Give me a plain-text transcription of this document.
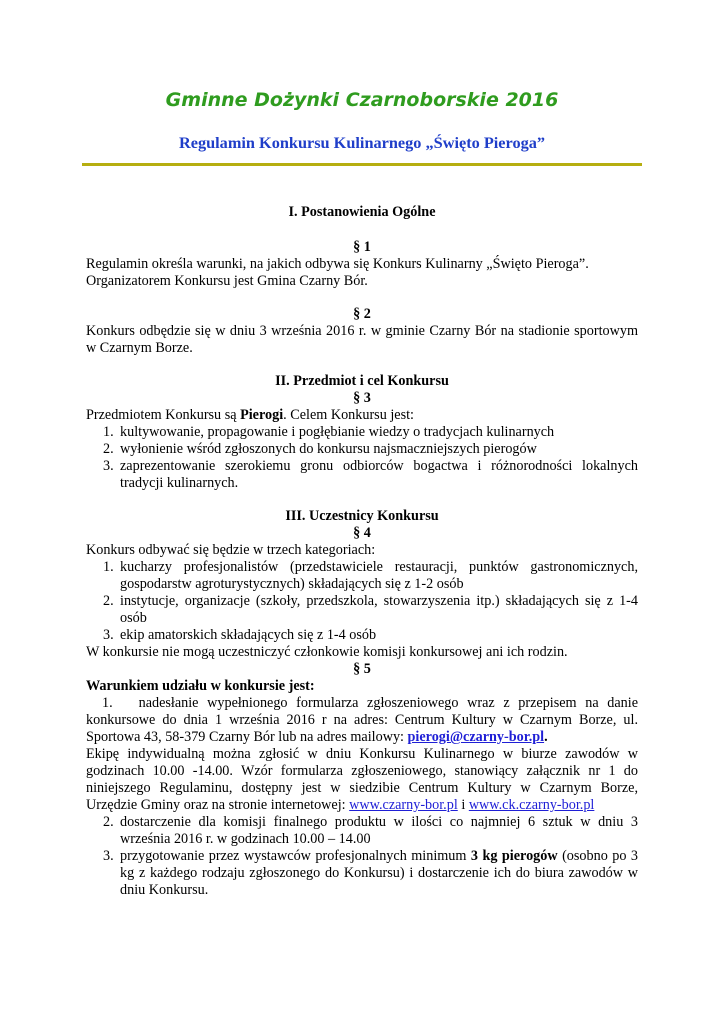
Gminne Dożynki Czarnoborskie 2016
Regulamin Konkursu Kulinarnego „Święto Pieroga”
I. Postanowienia Ogólne
§ 1

Regulamin określa warunki, na jakich odbywa się Konkurs Kulinarny „Święto Pieroga”.

Organizatorem Konkursu jest Gmina Czarny Bór.

§ 2

Konkurs odbędzie się w dniu 3 września 2016 r. w gminie Czarny Bór na stadionie sportowym w Czarnym Borze.

II. Przedmiot i cel Konkursu
§ 3

Przedmiotem Konkursu są Pierogi. Celem Konkursu jest:

1. kultywowanie, propagowanie i pogłębianie wiedzy o tradycjach kulinarnych
2. wyłonienie wśród zgłoszonych do konkursu najsmaczniejszych pierogów
3. zaprezentowanie szerokiemu gronu odbiorców bogactwa i różnorodności lokalnych tradycji kulinarnych.
III. Uczestnicy Konkursu
§ 4

Konkurs odbywać się będzie w trzech kategoriach:

1. kucharzy profesjonalistów (przedstawiciele restauracji, punktów gastronomicznych, gospodarstw agroturystycznych) składających się z 1-2 osób
2. instytucje, organizacje (szkoły, przedszkola, stowarzyszenia itp.) składających się z 1-4 osób
3. ekip amatorskich składających się z 1-4 osób

W konkursie nie mogą uczestniczyć członkowie komisji konkursowej ani ich rodzin.

§ 5

Warunkiem udziału w konkursie jest:

1. nadesłanie wypełnionego formularza zgłoszeniowego wraz z przepisem na danie konkursowe do dnia 1 września 2016 r na adres: Centrum Kultury w Czarnym Borze, ul. Sportowa 43, 58-379 Czarny Bór lub na adres mailowy: pierogi@czarny-bor.pl.

Ekipę indywidualną można zgłosić w dniu Konkursu Kulinarnego w biurze zawodów w godzinach 10.00 -14.00. Wzór formularza zgłoszeniowego, stanowiący załącznik nr 1 do niniejszego Regulaminu, dostępny jest w siedzibie Centrum Kultury w Czarnym Borze, Urzędzie Gminy oraz na stronie internetowej: www.czarny-bor.pl i www.ck.czarny-bor.pl

2. dostarczenie dla komisji finalnego produktu w ilości co najmniej 6 sztuk w dniu 3 września 2016 r. w godzinach 10.00 – 14.00
3. przygotowanie przez wystawców profesjonalnych minimum 3 kg pierogów (osobno po 3 kg z każdego rodzaju zgłoszonego do Konkursu) i dostarczenie ich do biura zawodów w dniu Konkursu.
